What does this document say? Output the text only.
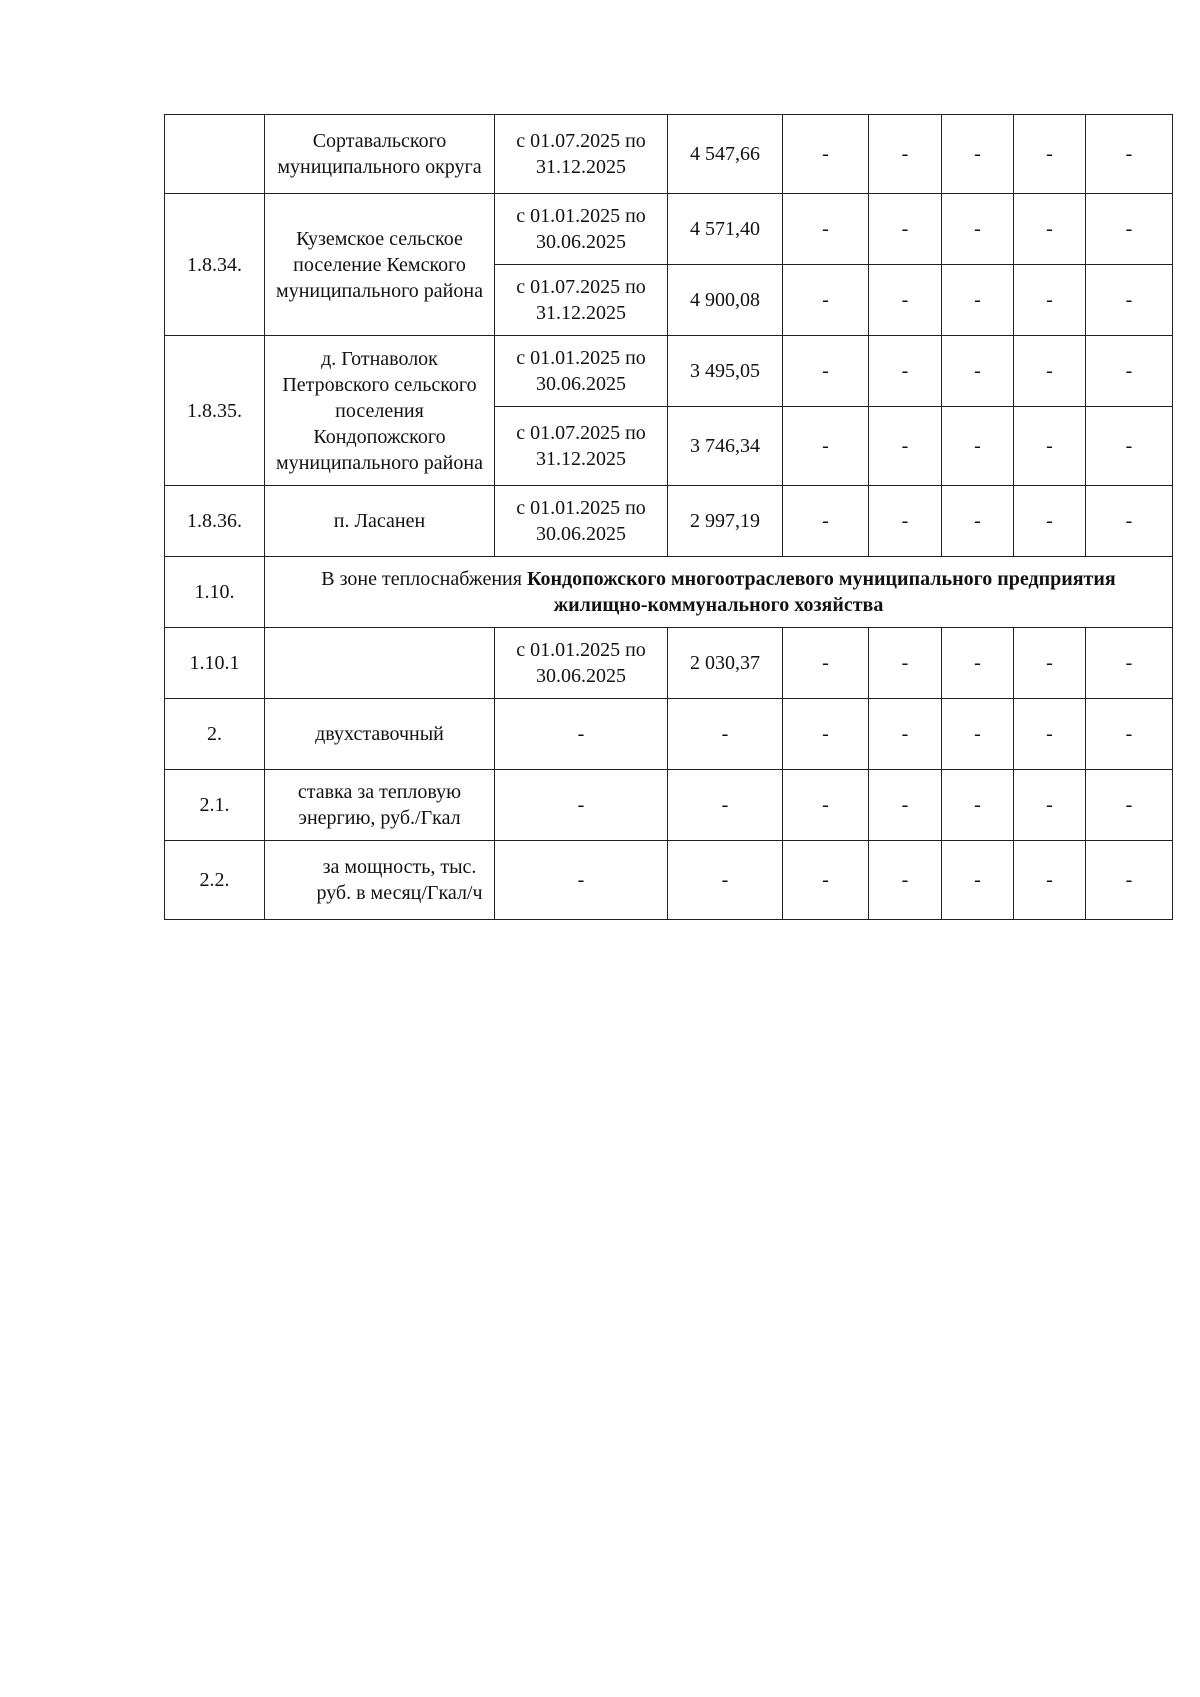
	Сортавальского муниципального округа	с 01.07.2025 по 31.12.2025	4 547,66	-	-	-	-	-
1.8.34.	Куземское сельское поселение Кемского муниципального района	с 01.01.2025 по 30.06.2025	4 571,40	-	-	-	-	-
		с 01.07.2025 по 31.12.2025	4 900,08	-	-	-	-	-
1.8.35.	д. Готнаволок Петровского сельского поселения Кондопожского муниципального района	с 01.01.2025 по 30.06.2025	3 495,05	-	-	-	-	-
		с 01.07.2025 по 31.12.2025	3 746,34	-	-	-	-	-
1.8.36.	п. Ласанен	с 01.01.2025 по 30.06.2025	2 997,19	-	-	-	-	-
1.10.	В зоне теплоснабжения Кондопожского многоотраслевого муниципального предприятия жилищно-коммунального хозяйства							
1.10.1		с 01.01.2025 по 30.06.2025	2 030,37	-	-	-	-	-
2.	двухставочный	-	-	-	-	-	-	-
2.1.	ставка за тепловую энергию, руб./Гкал	-	-	-	-	-	-	-
2.2.	за мощность, тыс. руб. в месяц/Гкал/ч	-	-	-	-	-	-	-
